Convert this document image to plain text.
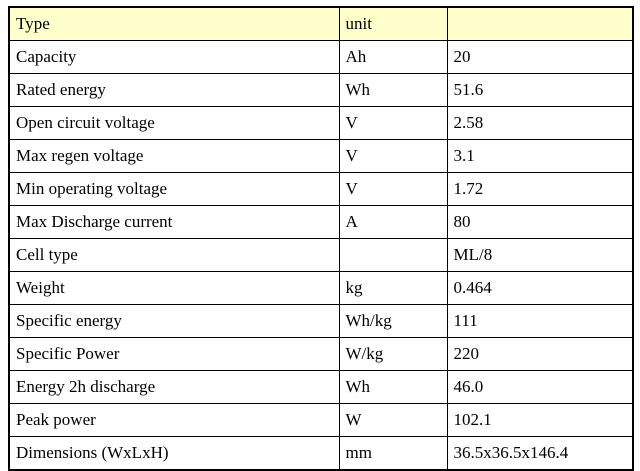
Type	unit	
Capacity	Ah	20
Rated energy	Wh	51.6
Open circuit voltage	V	2.58
Max regen voltage	V	3.1
Min operating voltage	V	1.72
Max Discharge current	A	80
Cell type		ML/8
Weight	kg	0.464
Specific energy	Wh/kg	111
Specific Power	W/kg	220
Energy 2h discharge	Wh	46.0
Peak power	W	102.1
Dimensions (WxLxH)	mm	36.5x36.5x146.4
